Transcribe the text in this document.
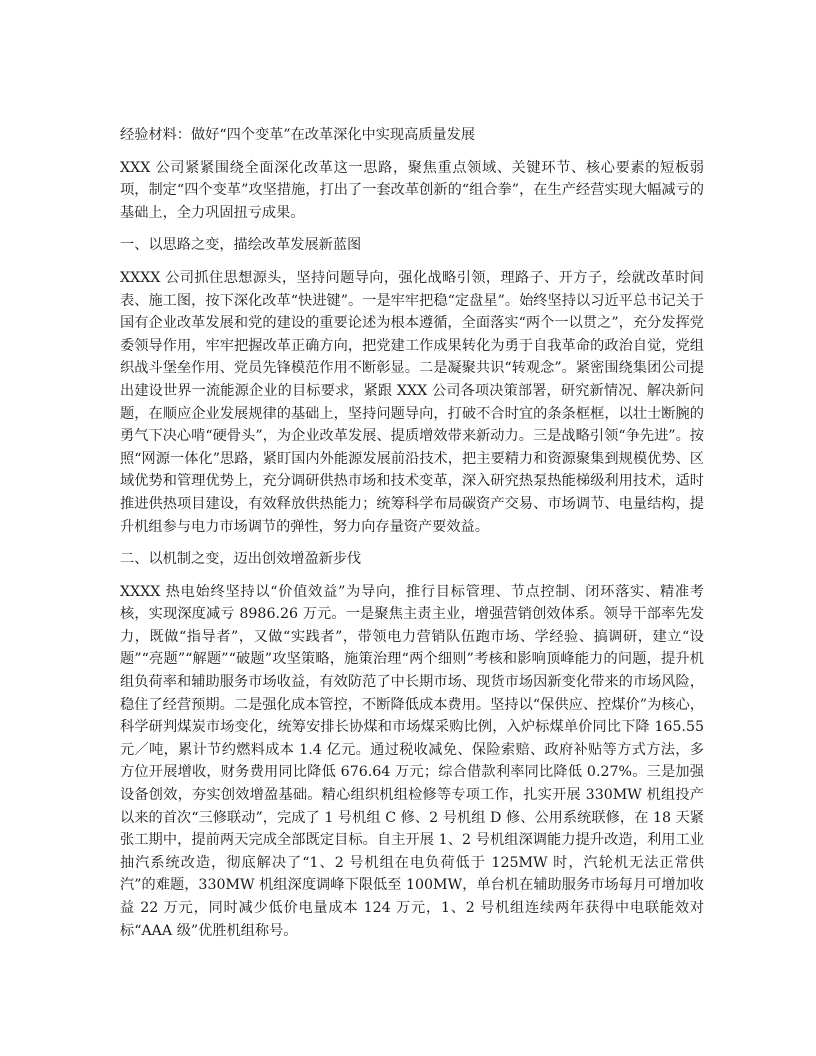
经验材料：做好“四个变革”在改革深化中实现高质量发展

XXX 公司紧紧围绕全面深化改革这一思路，聚焦重点领域、关键环节、核心要素的短板弱项，制定“四个变革”攻坚措施，打出了一套改革创新的“组合拳”，在生产经营实现大幅减亏的基础上，全力巩固扭亏成果。

一、以思路之变，描绘改革发展新蓝图

XXXX 公司抓住思想源头，坚持问题导向，强化战略引领，理路子、开方子，绘就改革时间表、施工图，按下深化改革“快进键”。一是牢牢把稳“定盘星”。始终坚持以习近平总书记关于国有企业改革发展和党的建设的重要论述为根本遵循，全面落实“两个一以贯之”，充分发挥党委领导作用，牢牢把握改革正确方向，把党建工作成果转化为勇于自我革命的政治自觉，党组织战斗堡垒作用、党员先锋模范作用不断彰显。二是凝聚共识“转观念”。紧密围绕集团公司提出建设世界一流能源企业的目标要求，紧跟 XXX 公司各项决策部署，研究新情况、解决新问题，在顺应企业发展规律的基础上，坚持问题导向，打破不合时宜的条条框框，以壮士断腕的勇气下决心啃“硬骨头”，为企业改革发展、提质增效带来新动力。三是战略引领“争先进”。按照“网源一体化”思路，紧盯国内外能源发展前沿技术，把主要精力和资源聚集到规模优势、区域优势和管理优势上，充分调研供热市场和技术变革，深入研究热泵热能梯级利用技术，适时推进供热项目建设，有效释放供热能力；统筹科学布局碳资产交易、市场调节、电量结构，提升机组参与电力市场调节的弹性，努力向存量资产要效益。

二、以机制之变，迈出创效增盈新步伐

XXXX 热电始终坚持以“价值效益”为导向，推行目标管理、节点控制、闭环落实、精准考核，实现深度减亏 8986.26 万元。一是聚焦主责主业，增强营销创效体系。领导干部率先发力，既做“指导者”，又做“实践者”，带领电力营销队伍跑市场、学经验、搞调研，建立“设题”“亮题”“解题”“破题”攻坚策略，施策治理“两个细则”考核和影响顶峰能力的问题，提升机组负荷率和辅助服务市场收益，有效防范了中长期市场、现货市场因新变化带来的市场风险，稳住了经营预期。二是强化成本管控，不断降低成本费用。坚持以“保供应、控煤价”为核心，科学研判煤炭市场变化，统筹安排长协煤和市场煤采购比例，入炉标煤单价同比下降 165.55 元／吨，累计节约燃料成本 1.4 亿元。通过税收减免、保险索赔、政府补贴等方式方法，多方位开展增收，财务费用同比降低 676.64 万元；综合借款利率同比降低 0.27%。三是加强设备创效，夯实创效增盈基础。精心组织机组检修等专项工作，扎实开展 330MW 机组投产以来的首次“三修联动”，完成了 1 号机组 C 修、2 号机组 D 修、公用系统联修，在 18 天紧张工期中，提前两天完成全部既定目标。自主开展 1、2 号机组深调能力提升改造，利用工业抽汽系统改造，彻底解决了“1、2 号机组在电负荷低于 125MW 时，汽轮机无法正常供汽”的难题，330MW 机组深度调峰下限低至 100MW，单台机在辅助服务市场每月可增加收益 22 万元，同时减少低价电量成本 124 万元，1、2 号机组连续两年获得中电联能效对标“AAA 级”优胜机组称号。
